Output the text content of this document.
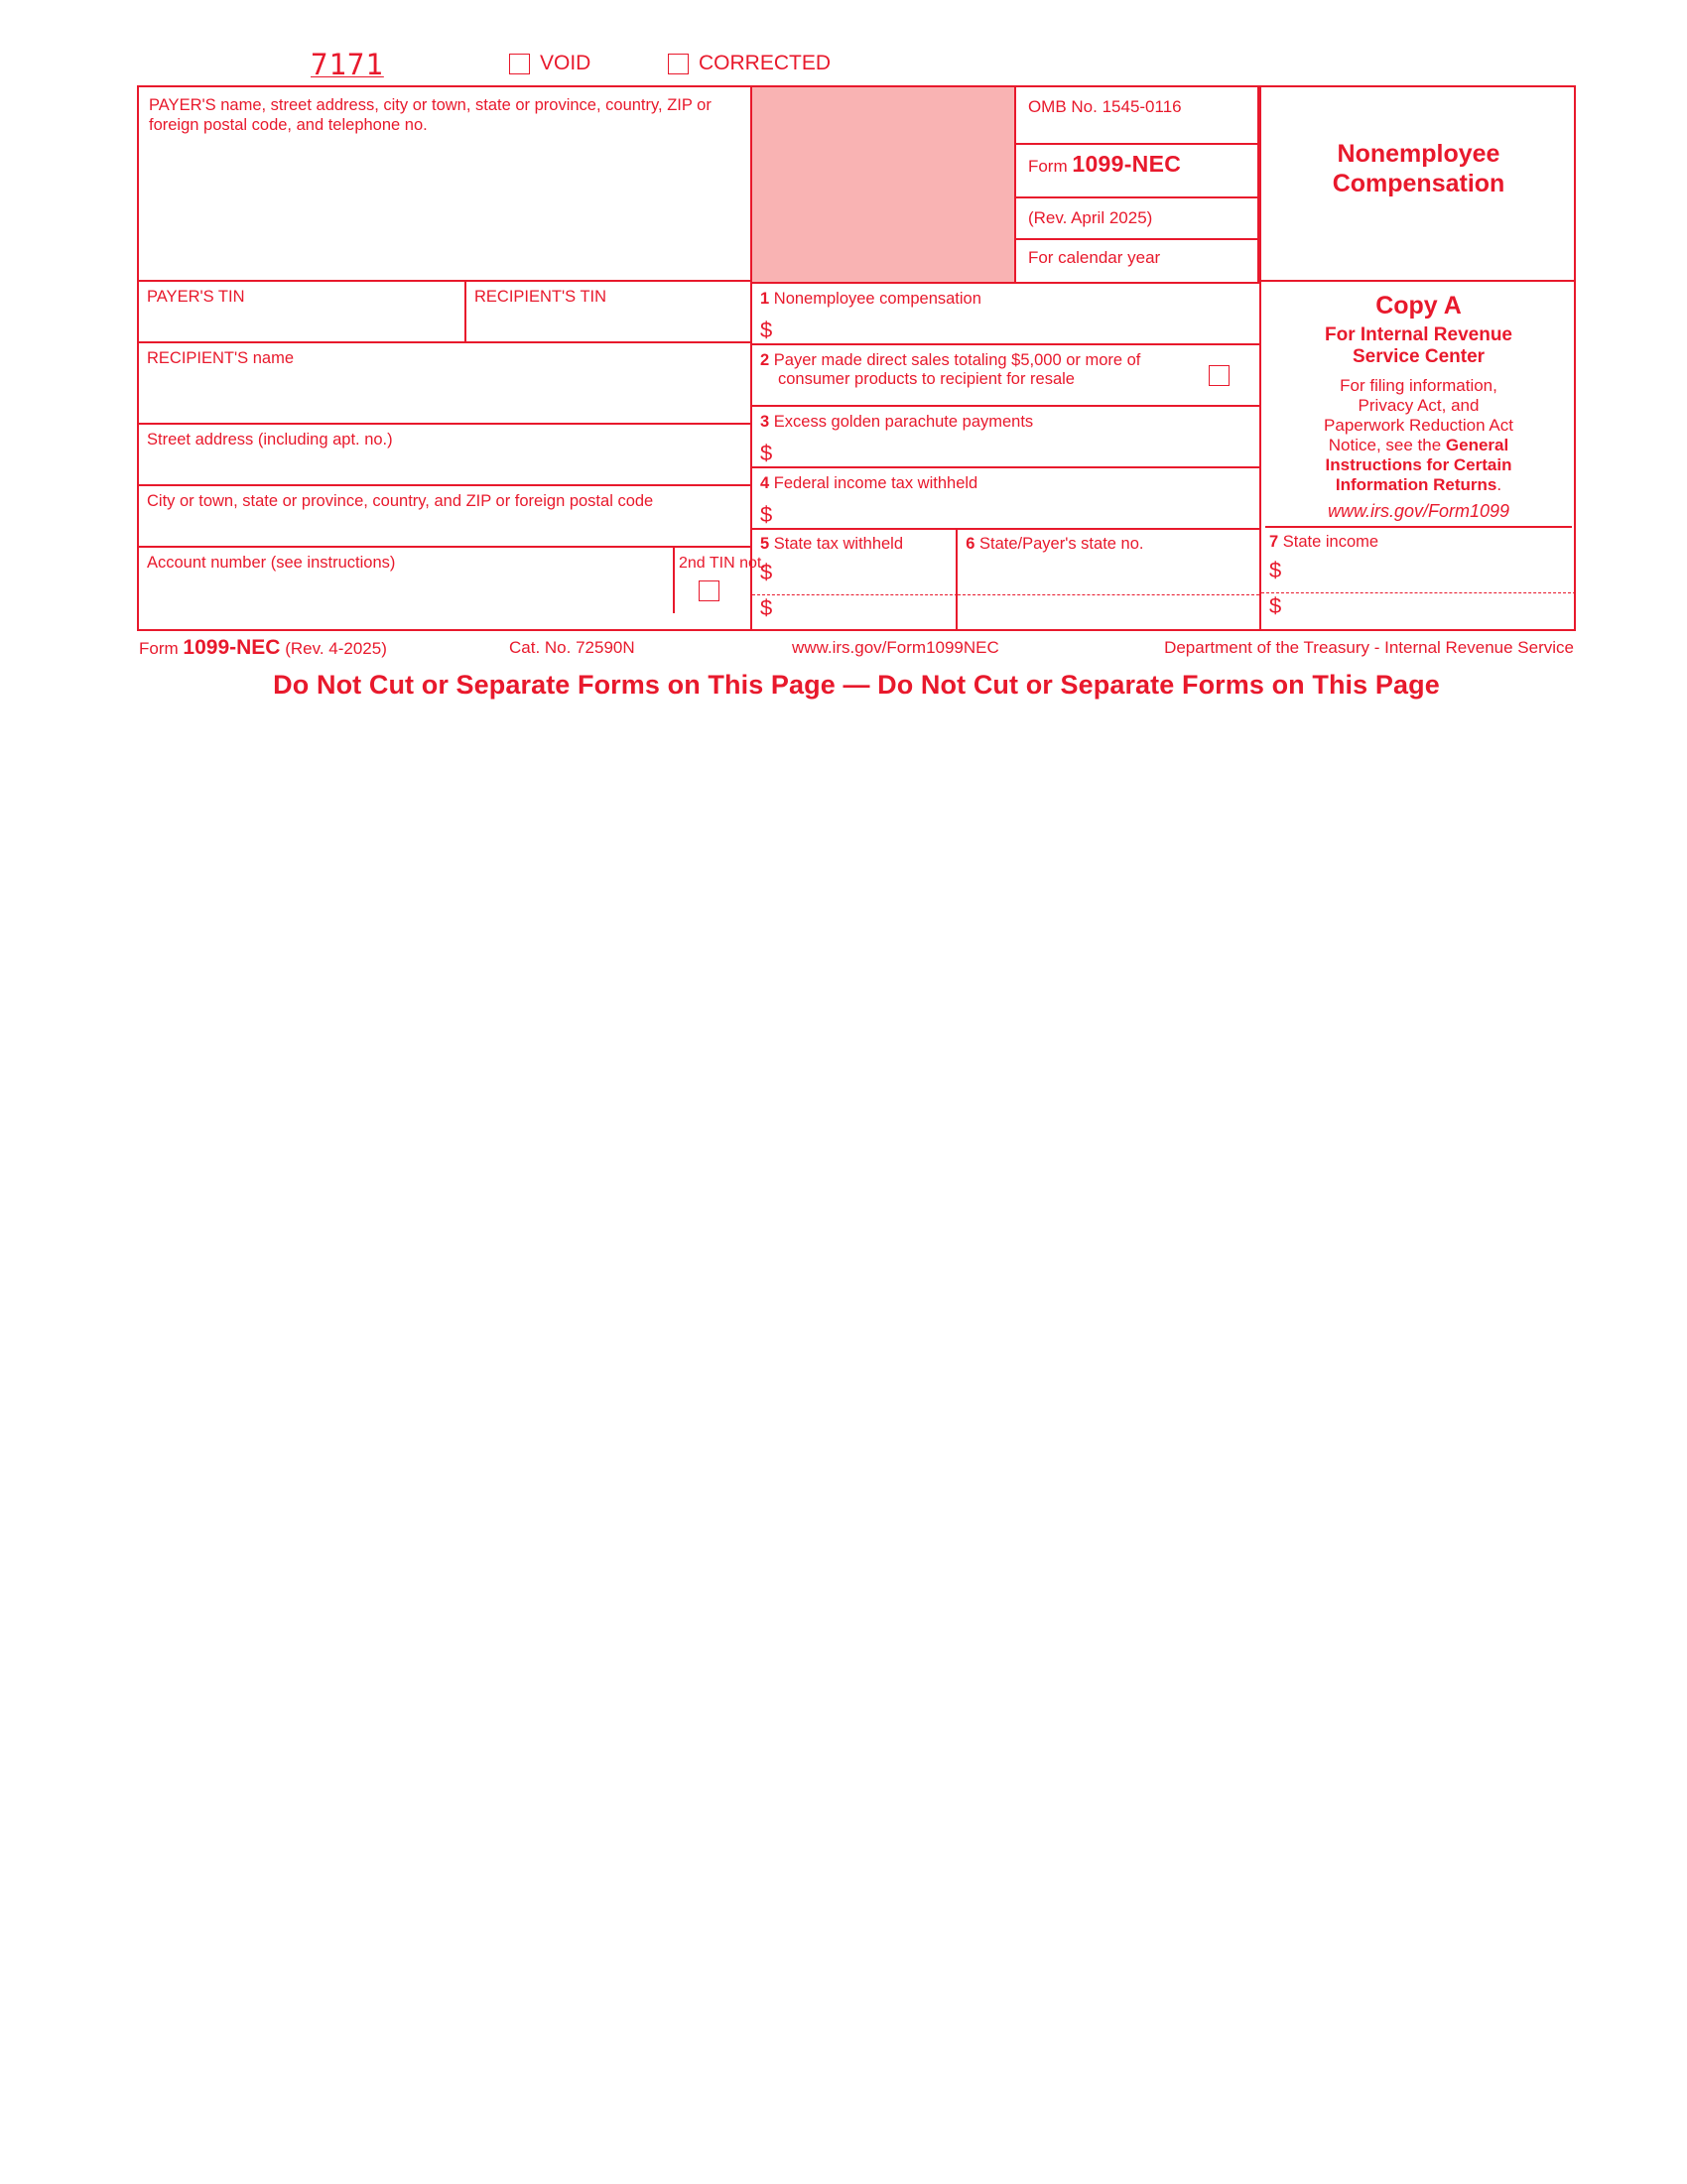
7171	VOID	CORRECTED
PAYER'S name, street address, city or town, state or province, country, ZIP or foreign postal code, and telephone no.
PAYER'S TIN	RECIPIENT'S TIN
RECIPIENT'S name
Street address (including apt. no.)
City or town, state or province, country, and ZIP or foreign postal code
Account number (see instructions)	2nd TIN not.
OMB No. 1545-0116
Form 1099-NEC
(Rev. April 2025)
For calendar year
1 Nonemployee compensation
$
2 Payer made direct sales totaling $5,000 or more of
consumer products to recipient for resale
3 Excess golden parachute payments
$
4 Federal income tax withheld
$
5 State tax withheld	6 State/Payer's state no.
$
$
Nonemployee
Compensation
Copy A
For Internal Revenue
Service Center
For filing information,
Privacy Act, and
Paperwork Reduction Act
Notice, see the General
Instructions for Certain
Information Returns.
www.irs.gov/Form1099
7 State income
$
$
Form 1099-NEC (Rev. 4-2025)	Cat. No. 72590N	www.irs.gov/Form1099NEC	Department of the Treasury - Internal Revenue Service
Do Not Cut or Separate Forms on This Page — Do Not Cut or Separate Forms on This Page
